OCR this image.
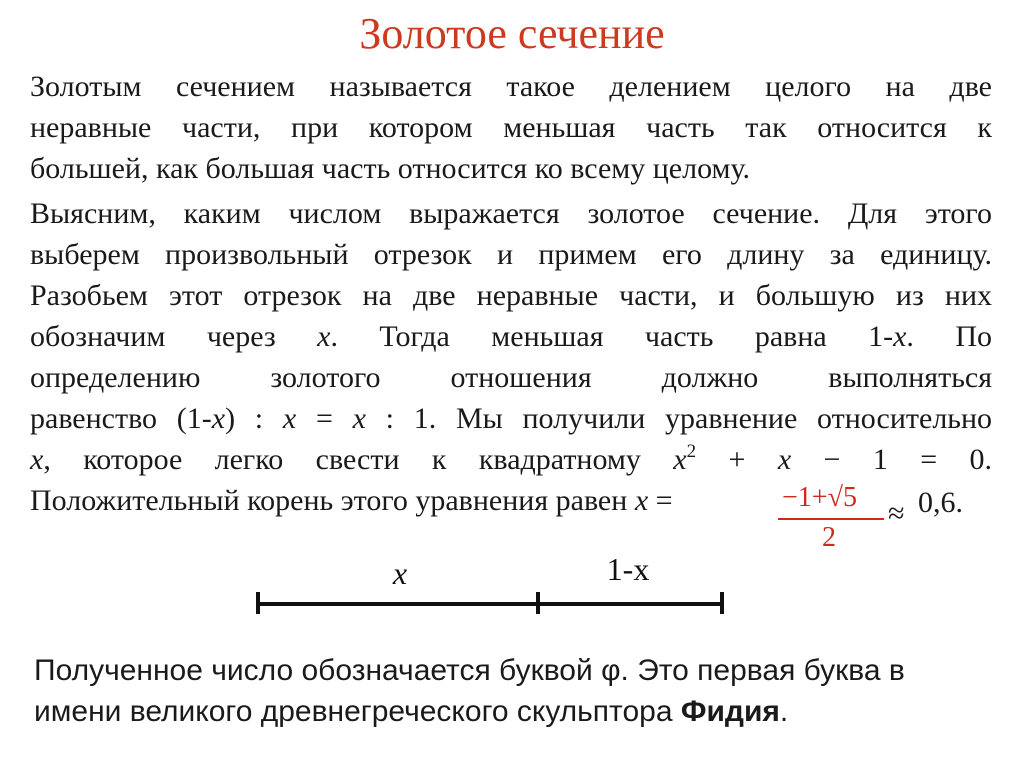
Золотое сечение
Золотым сечением называется такое делением целого на две
неравные части, при котором меньшая часть так относится к
большей, как большая часть относится ко всему целому.
Выясним, каким числом выражается золотое сечение. Для этого
выберем произвольный отрезок и примем его длину за единицу.
Разобьем этот отрезок на две неравные части, и большую из них
обозначим через x. Тогда меньшая часть равна 1-x. По
определению золотого отношения должно выполняться
равенство (1-x) : x = x : 1. Мы получили уравнение относительно
x, которое легко свести к квадратному $x^2 + x - 1 = 0$.
Положительный корень этого уравнения равен x =	−1+√5
2
≈ 0,6.
x	1-x
Полученное число обозначается буквой φ. Это первая буква в
имени великого древнегреческого скульптора Фидия.
